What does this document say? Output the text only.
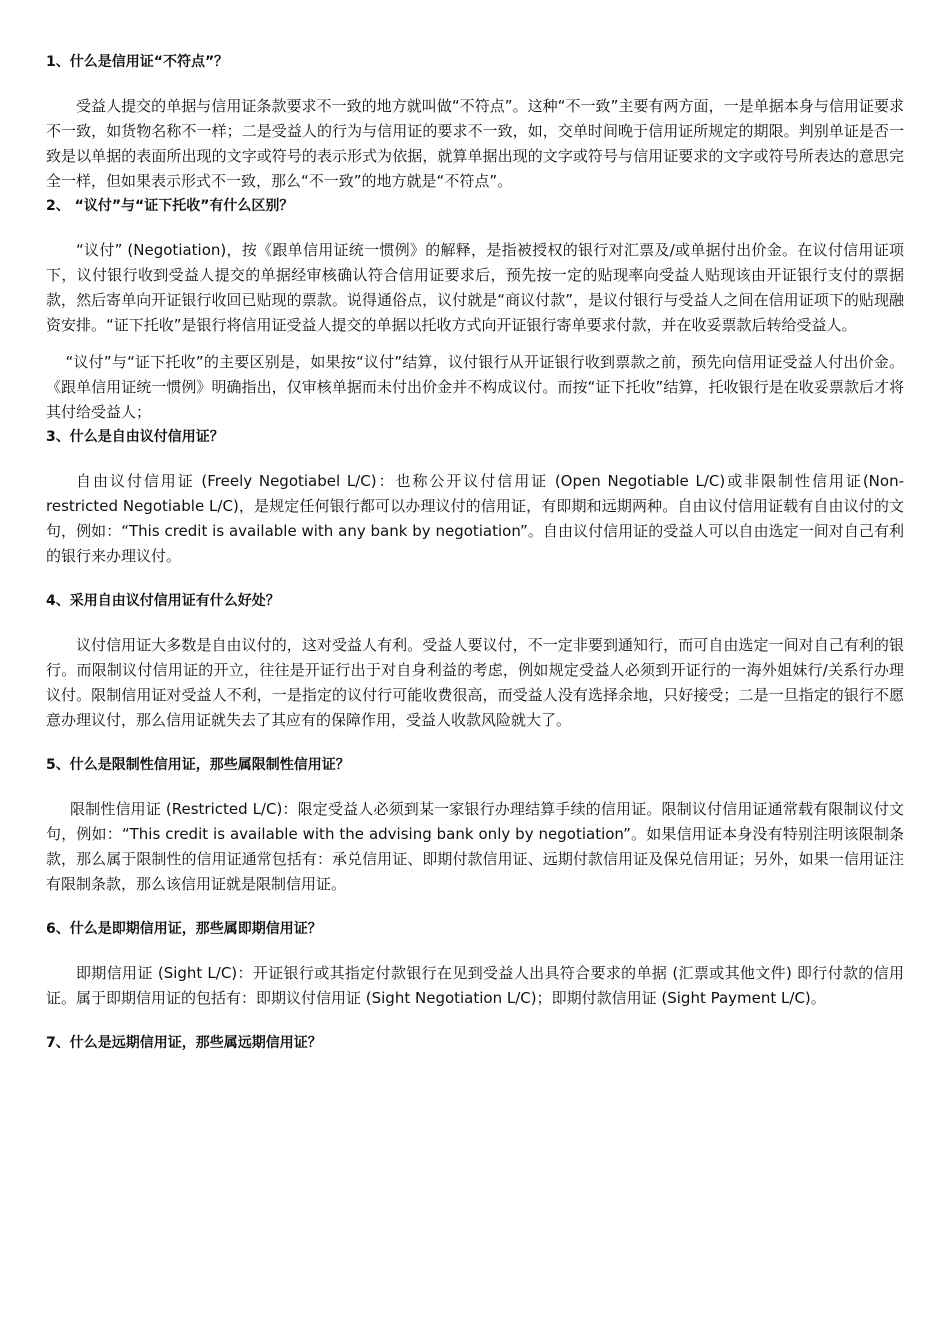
1、什么是信用证“不符点”？

受益人提交的单据与信用证条款要求不一致的地方就叫做“不符点”。这种“不一致”主要有两方面，一是单据本身与信用证要求不一致，如货物名称不一样；二是受益人的行为与信用证的要求不一致，如，交单时间晚于信用证所规定的期限。判别单证是否一致是以单据的表面所出现的文字或符号的表示形式为依据，就算单据出现的文字或符号与信用证要求的文字或符号所表达的意思完全一样，但如果表示形式不一致，那么“不一致”的地方就是“不符点”。

2、 “议付”与“证下托收”有什么区别？

“议付” (Negotiation)，按《跟单信用证统一惯例》的解释，是指被授权的银行对汇票及/或单据付出价金。在议付信用证项下，议付银行收到受益人提交的单据经审核确认符合信用证要求后，预先按一定的贴现率向受益人贴现该由开证银行支付的票据款，然后寄单向开证银行收回已贴现的票款。说得通俗点，议付就是“商议付款”，是议付银行与受益人之间在信用证项下的贴现融资安排。“证下托收”是银行将信用证受益人提交的单据以托收方式向开证银行寄单要求付款，并在收妥票款后转给受益人。

“议付”与“证下托收”的主要区别是，如果按“议付”结算，议付银行从开证银行收到票款之前，预先向信用证受益人付出价金。《跟单信用证统一惯例》明确指出，仅审核单据而未付出价金并不构成议付。而按“证下托收”结算，托收银行是在收妥票款后才将其付给受益人；

3、什么是自由议付信用证？

自由议付信用证 (Freely Negotiabel L/C)：也称公开议付信用证 (Open Negotiable L/C)或非限制性信用证(Non-restricted Negotiable L/C)，是规定任何银行都可以办理议付的信用证，有即期和远期两种。自由议付信用证载有自由议付的文句，例如：“This credit is available with any bank by negotiation”。自由议付信用证的受益人可以自由选定一间对自己有利的银行来办理议付。

4、采用自由议付信用证有什么好处？

议付信用证大多数是自由议付的，这对受益人有利。受益人要议付，不一定非要到通知行，而可自由选定一间对自己有利的银行。而限制议付信用证的开立，往往是开证行出于对自身利益的考虑，例如规定受益人必须到开证行的一海外姐妹行/关系行办理议付。限制信用证对受益人不利，一是指定的议付行可能收费很高，而受益人没有选择余地，只好接受；二是一旦指定的银行不愿意办理议付，那么信用证就失去了其应有的保障作用，受益人收款风险就大了。

5、什么是限制性信用证，那些属限制性信用证？

限制性信用证 (Restricted L/C)：限定受益人必须到某一家银行办理结算手续的信用证。限制议付信用证通常载有限制议付文句，例如：“This credit is available with the advising bank only by negotiation”。如果信用证本身没有特别注明该限制条款，那么属于限制性的信用证通常包括有：承兑信用证、即期付款信用证、远期付款信用证及保兑信用证；另外，如果一信用证注有限制条款，那么该信用证就是限制信用证。

6、什么是即期信用证，那些属即期信用证？

即期信用证 (Sight L/C)：开证银行或其指定付款银行在见到受益人出具符合要求的单据 (汇票或其他文件) 即行付款的信用证。属于即期信用证的包括有：即期议付信用证 (Sight Negotiation L/C)；即期付款信用证 (Sight Payment L/C)。

7、什么是远期信用证，那些属远期信用证？
